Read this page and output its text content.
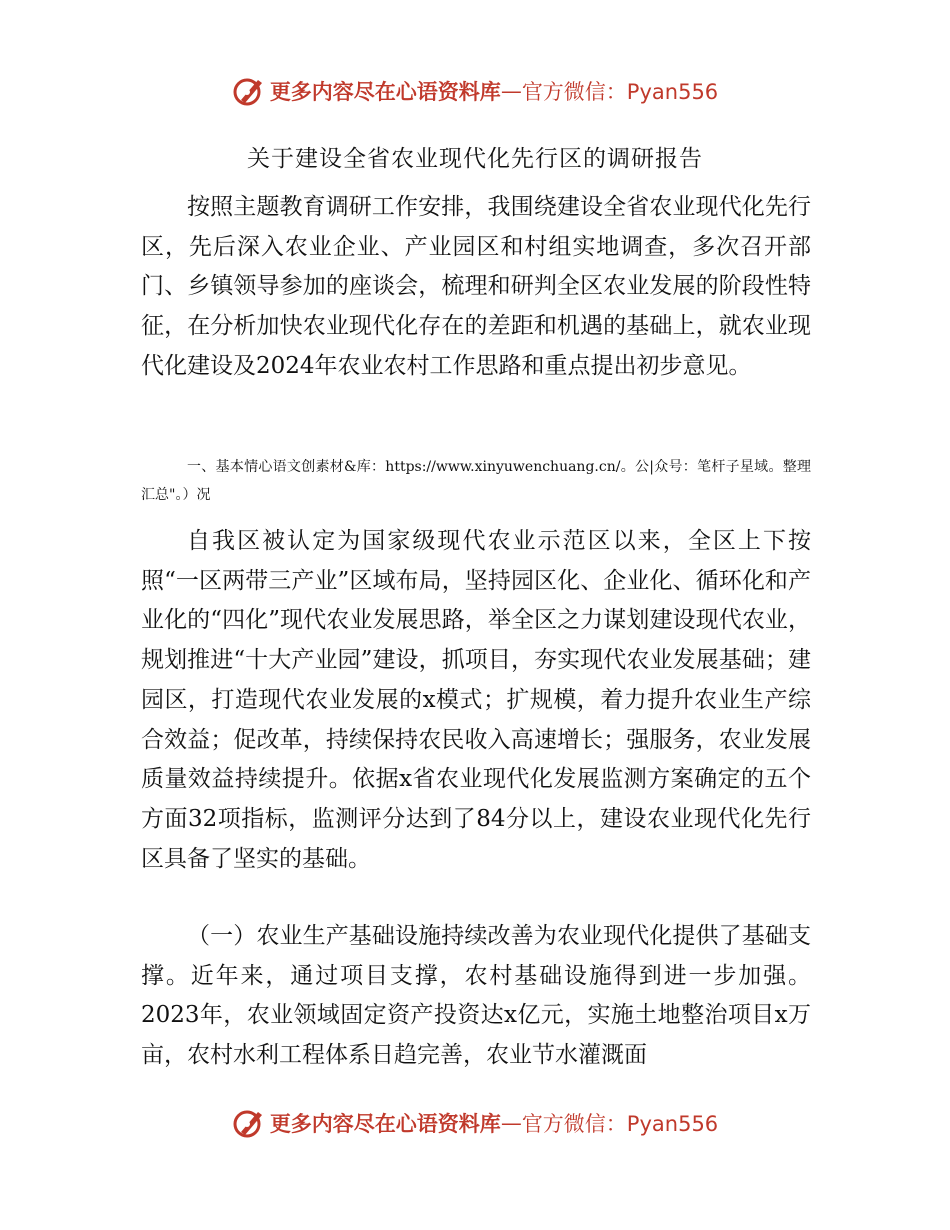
更多内容尽在心语资料库 — 官方微信：Pyan556
关于建设全省农业现代化先行区的调研报告
按照主题教育调研工作安排，我围绕建设全省农业现代化先行区，先后深入农业企业、产业园区和村组实地调查，多次召开部门、乡镇领导参加的座谈会，梳理和研判全区农业发展的阶段性特征，在分析加快农业现代化存在的差距和机遇的基础上，就农业现代化建设及2024年农业农村工作思路和重点提出初步意见。
一、基本情心语文创素材&库：https://www.xinyuwenchuang.cn/。公|众号：笔杆子星域。整理汇总"。）况
自我区被认定为国家级现代农业示范区以来，全区上下按照“一区两带三产业”区域布局，坚持园区化、企业化、循环化和产业化的“四化”现代农业发展思路，举全区之力谋划建设现代农业，规划推进“十大产业园”建设，抓项目，夯实现代农业发展基础；建园区，打造现代农业发展的x模式；扩规模，着力提升农业生产综合效益；促改革，持续保持农民收入高速增长；强服务，农业发展质量效益持续提升。依据x省农业现代化发展监测方案确定的五个方面32项指标，监测评分达到了84分以上，建设农业现代化先行区具备了坚实的基础。
（一）农业生产基础设施持续改善为农业现代化提供了基础支撑。近年来，通过项目支撑，农村基础设施得到进一步加强。2023年，农业领域固定资产投资达x亿元，实施土地整治项目x万亩，农村水利工程体系日趋完善，农业节水灌溉面
更多内容尽在心语资料库 — 官方微信：Pyan556
